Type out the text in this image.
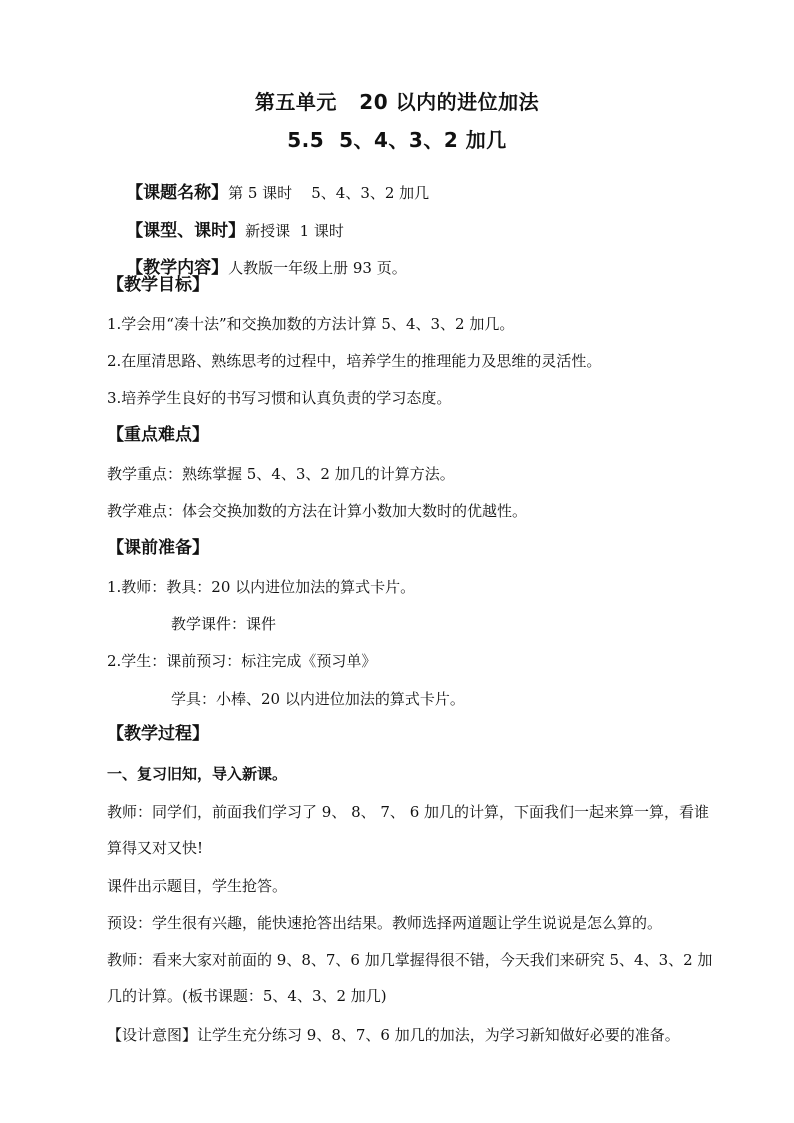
第五单元   20 以内的进位加法
5.5  5、4、3、2 加几

【课题名称】第 5 课时    5、4、3、2 加几

【课型、课时】新授课  1 课时

【教学内容】人教版一年级上册 93 页。

【教学目标】
1.学会用“凑十法”和交换加数的方法计算 5、4、3、2 加几。
2.在厘清思路、熟练思考的过程中，培养学生的推理能力及思维的灵活性。
3.培养学生良好的书写习惯和认真负责的学习态度。
【重点难点】
教学重点：熟练掌握 5、4、3、2 加几的计算方法。
教学难点：体会交换加数的方法在计算小数加大数时的优越性。
【课前准备】
1.教师：教具：20 以内进位加法的算式卡片。
教学课件：课件
2.学生：课前预习：标注完成《预习单》
学具：小棒、20 以内进位加法的算式卡片。
【教学过程】
一、复习旧知，导入新课。
教师：同学们，前面我们学习了 9、 8、 7、 6 加几的计算，下面我们一起来算一算，看谁算得又对又快!
课件出示题目，学生抢答。
预设：学生很有兴趣，能快速抢答出结果。教师选择两道题让学生说说是怎么算的。
教师：看来大家对前面的 9、8、7、6 加几掌握得很不错，今天我们来研究 5、4、3、2 加几的计算。(板书课题：5、4、3、2 加几)
【设计意图】让学生充分练习 9、8、7、6 加几的加法，为学习新知做好必要的准备。
